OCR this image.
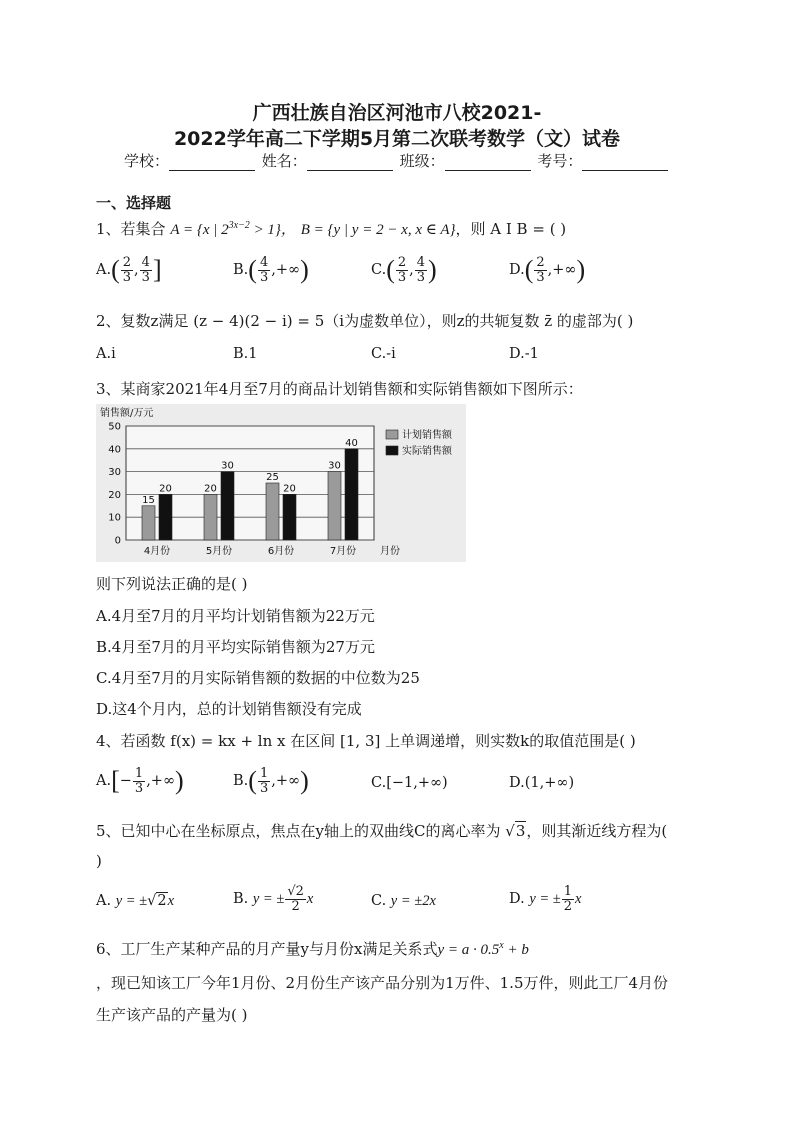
广西壮族自治区河池市八校2021-
2022学年高二下学期5月第二次联考数学（文）试卷
学校：	姓名：	班级：	考号：
一、选择题
1、若集合 A = {x | $2^{3x-2} > 1$}， B = {y | y = 2 − x, x ∈ A}，则 A I B = ( )
$A.( \frac{2}{3}$ , $\frac{4}{3}$ ]	$B.( \frac{4}{3}$ ,+∞)	$C.( \frac{2}{3}$ , $\frac{4}{3}$ )	$D.( \frac{2}{3}$ ,+∞)
2、复数z满足 (z − 4)(2 − i) = 5（i为虚数单位），则z的共轭复数 z̄ 的虚部为( )
A.i	B.1	C.-i	D.-1
3、某商家2021年4月至7月的商品计划销售额和实际销售额如下图所示：
0
10
20
30
40
50
销售额/万元
15
20
4月份
20
30
5月份
25
20
6月份
30
40
7月份 月份
计划销售额
实际销售额
则下列说法正确的是( )
A.4月至7月的月平均计划销售额为22万元
B.4月至7月的月平均实际销售额为27万元
C.4月至7月的月实际销售额的数据的中位数为25
D.这4个月内，总的计划销售额没有完成
4、若函数 f(x) = kx + ln x 在区间 [1, 3] 上单调递增，则实数k的取值范围是( )
$A.[- \frac{1}{3}$ ,+∞)	$B.( \frac{1}{3}$ ,+∞)	C.[−1,+∞)	D.(1,+∞)
5、已知中心在坐标原点，焦点在y轴上的双曲线C的离心率为 √3，则其渐近线方程为(
)
A. y = ±√2x	B. y = ± $\frac{√2}{2}$ x	C. y = ±2x	D. y = ± $\frac{1}{2}$ x
6、工厂生产某种产品的月产量y与月份x满足关系式$y = a \cdot 0.5^x + b$
，现已知该工厂今年1月份、2月份生产该产品分别为1万件、1.5万件，则此工厂4月份
生产该产品的产量为( )
